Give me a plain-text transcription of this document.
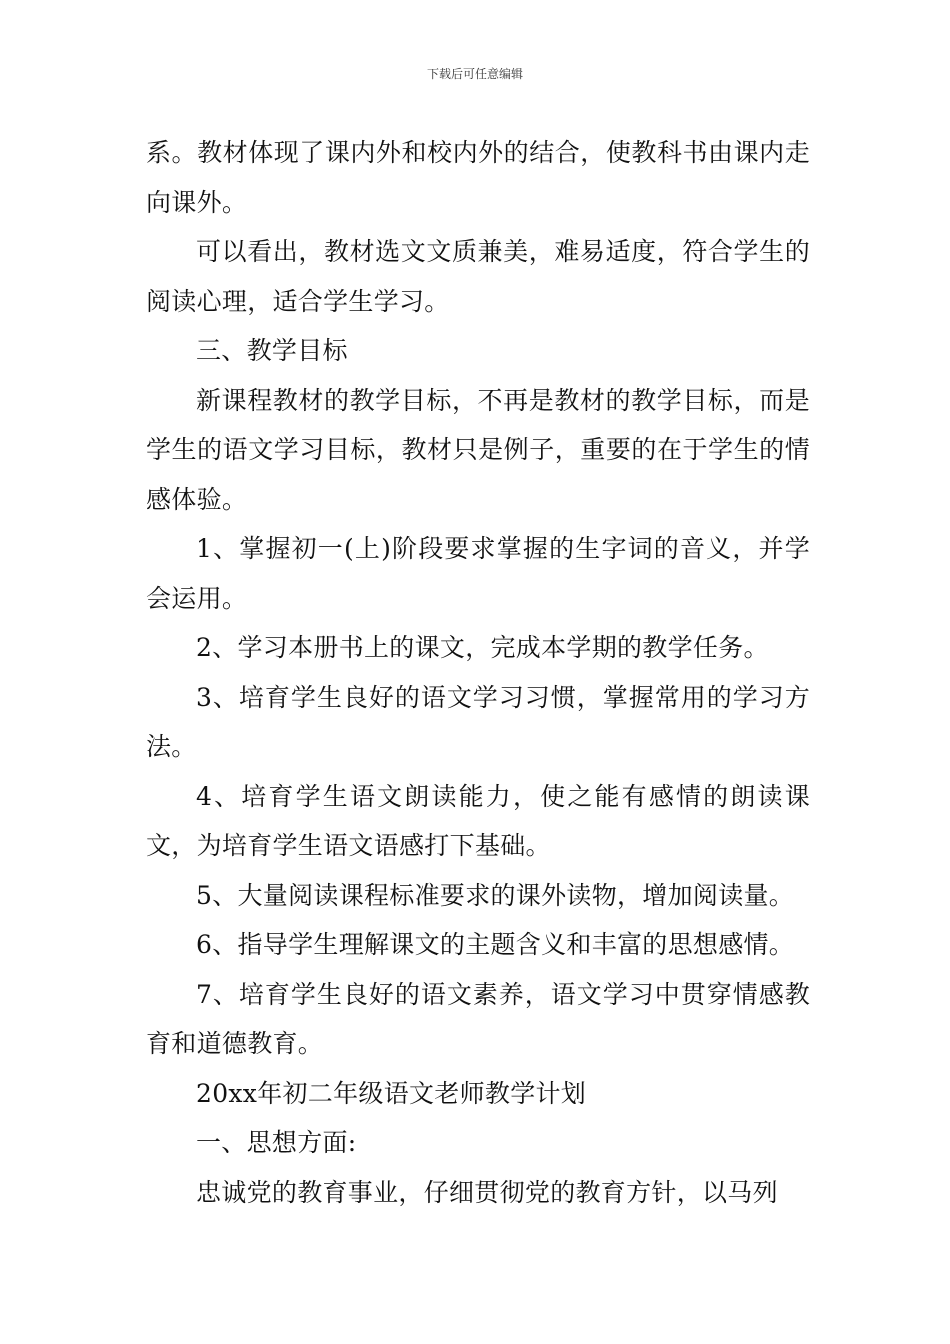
下载后可任意编辑

系。教材体现了课内外和校内外的结合，使教科书由课内走向课外。

可以看出，教材选文文质兼美，难易适度，符合学生的阅读心理，适合学生学习。

三、教学目标

新课程教材的教学目标，不再是教材的教学目标，而是学生的语文学习目标，教材只是例子，重要的在于学生的情感体验。

1、掌握初一(上)阶段要求掌握的生字词的音义，并学会运用。

2、学习本册书上的课文，完成本学期的教学任务。

3、培育学生良好的语文学习习惯，掌握常用的学习方法。

4、培育学生语文朗读能力，使之能有感情的朗读课文，为培育学生语文语感打下基础。

5、大量阅读课程标准要求的课外读物，增加阅读量。

6、指导学生理解课文的主题含义和丰富的思想感情。

7、培育学生良好的语文素养，语文学习中贯穿情感教育和道德教育。

20xx年初二年级语文老师教学计划

一、思想方面:

忠诚党的教育事业，仔细贯彻党的教育方针，以马列
